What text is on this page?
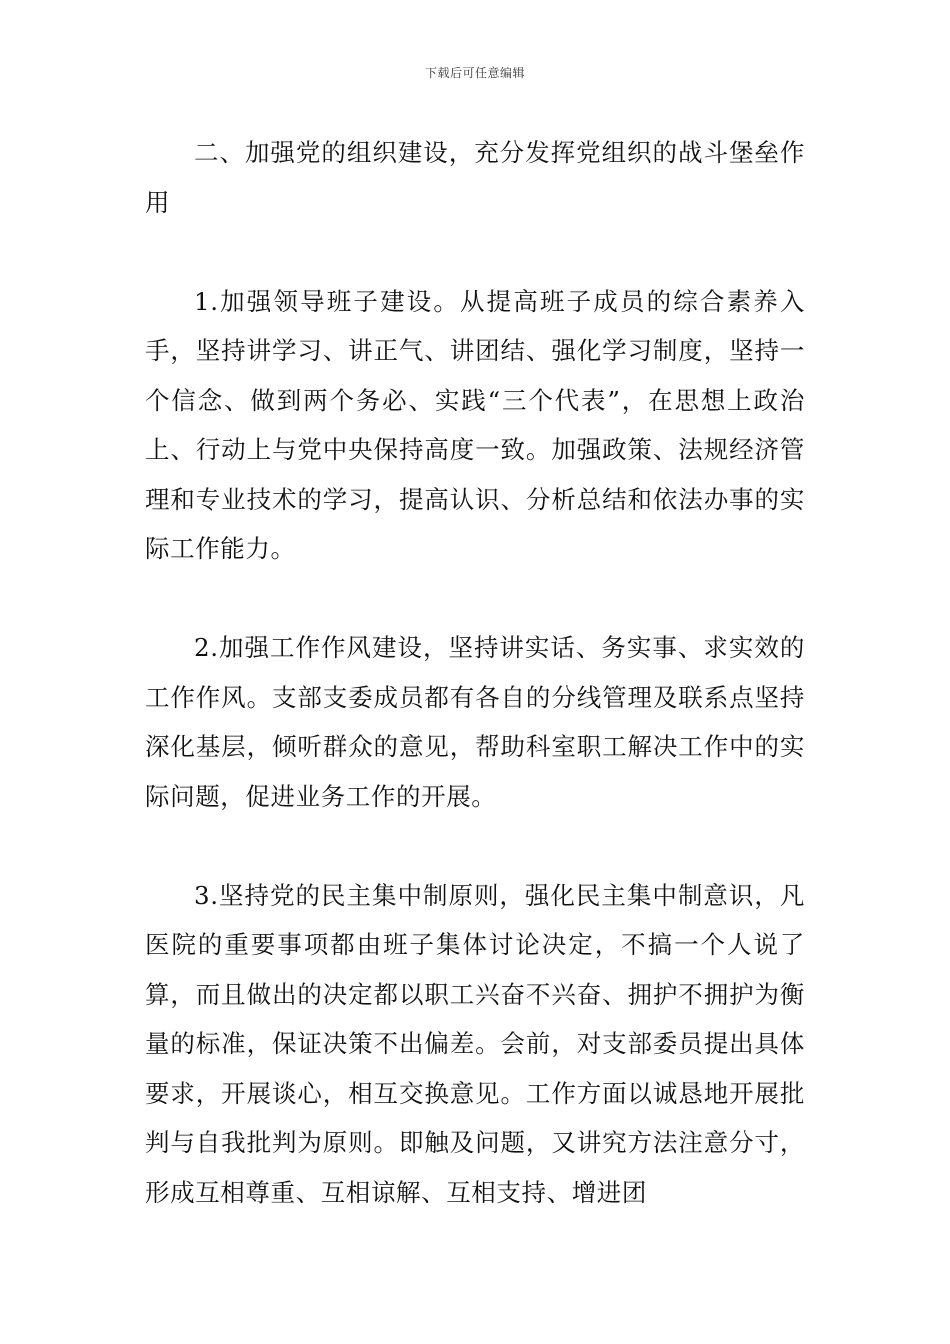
下载后可任意编辑

二、加强党的组织建设，充分发挥党组织的战斗堡垒作用

1.加强领导班子建设。从提高班子成员的综合素养入手，坚持讲学习、讲正气、讲团结、强化学习制度，坚持一个信念、做到两个务必、实践“三个代表”，在思想上政治上、行动上与党中央保持高度一致。加强政策、法规经济管理和专业技术的学习，提高认识、分析总结和依法办事的实际工作能力。

2.加强工作作风建设，坚持讲实话、务实事、求实效的工作作风。支部支委成员都有各自的分线管理及联系点坚持深化基层，倾听群众的意见，帮助科室职工解决工作中的实际问题，促进业务工作的开展。

3.坚持党的民主集中制原则，强化民主集中制意识，凡医院的重要事项都由班子集体讨论决定，不搞一个人说了算，而且做出的决定都以职工兴奋不兴奋、拥护不拥护为衡量的标准，保证决策不出偏差。会前，对支部委员提出具体要求，开展谈心，相互交换意见。工作方面以诚恳地开展批判与自我批判为原则。即触及问题，又讲究方法注意分寸，形成互相尊重、互相谅解、互相支持、增进团
